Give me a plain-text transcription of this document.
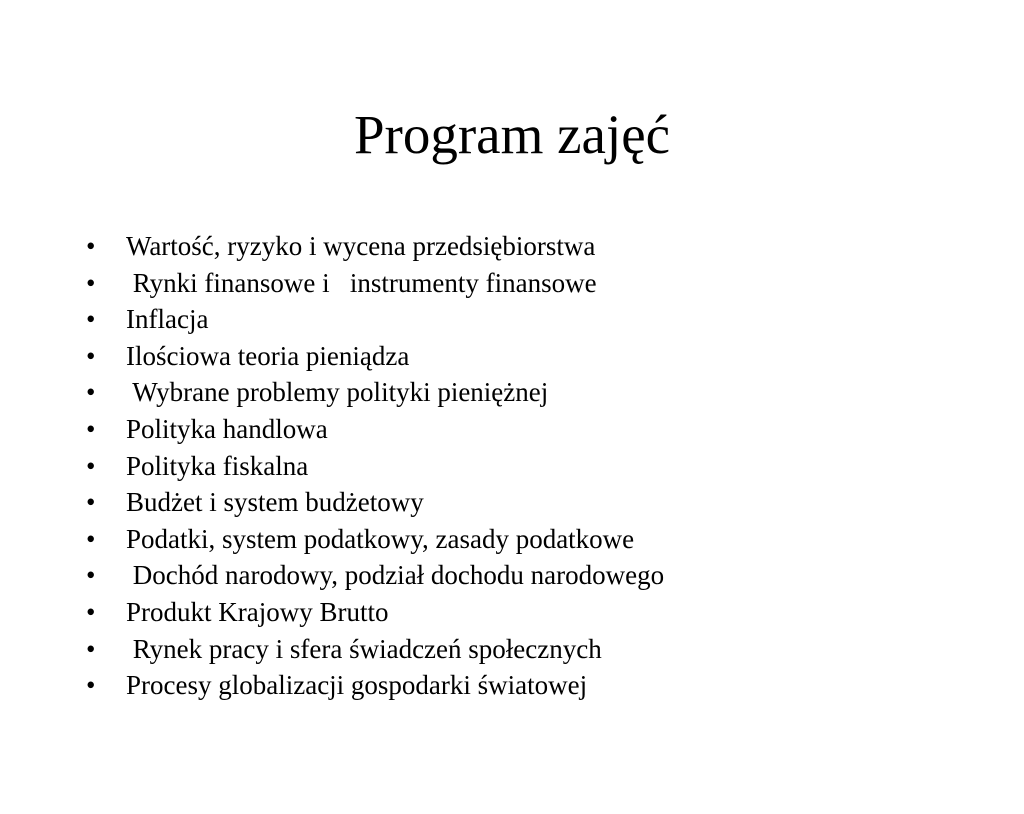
Program zajęć

•

	Wartość, ryzyko i wycena przedsiębiorstwa

•

	Rynki finansowe i   instrumenty finansowe

•

	Inflacja

•

	Ilościowa teoria pieniądza

•

	Wybrane problemy polityki pieniężnej

•

	Polityka handlowa

•

	Polityka fiskalna

•

	Budżet i system budżetowy

•

	Podatki, system podatkowy, zasady podatkowe

•

	Dochód narodowy, podział dochodu narodowego

•

	Produkt Krajowy Brutto

•

	Rynek pracy i sfera świadczeń społecznych

•

	Procesy globalizacji gospodarki światowej
